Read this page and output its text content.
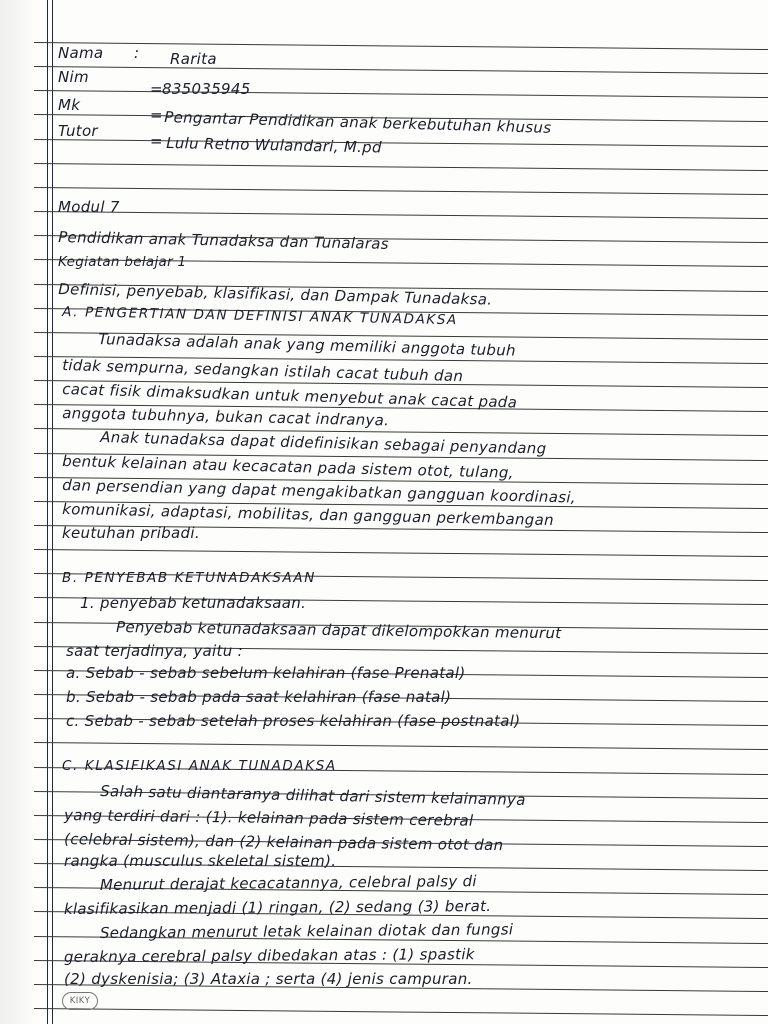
Nama : Rarita
Nim
= 835035945
Mk
= Pengantar Pendidikan anak berkebutuhan khusus
Tutor
= Lulu Retno Wulandari, M.pd
Modul 7
Pendidikan anak Tunadaksa dan Tunalaras
Kegiatan belajar 1
Definisi, penyebab, klasifikasi, dan Dampak Tunadaksa.
A. PENGERTIAN DAN DEFINISI ANAK TUNADAKSA
Tunadaksa adalah anak yang memiliki anggota tubuh
tidak sempurna, sedangkan istilah cacat tubuh dan
cacat fisik dimaksudkan untuk menyebut anak cacat pada
anggota tubuhnya, bukan cacat indranya.
Anak tunadaksa dapat didefinisikan sebagai penyandang
bentuk kelainan atau kecacatan pada sistem otot, tulang,
dan persendian yang dapat mengakibatkan gangguan koordinasi,
komunikasi, adaptasi, mobilitas, dan gangguan perkembangan
keutuhan pribadi.
B. PENYEBAB KETUNADAKSAAN
1. penyebab ketunadaksaan.
Penyebab ketunadaksaan dapat dikelompokkan menurut
saat terjadinya, yaitu :
a. Sebab - sebab sebelum kelahiran (fase Prenatal)
b. Sebab - sebab pada saat kelahiran (fase natal)
c. Sebab - sebab setelah proses kelahiran (fase postnatal)
C. KLASIFIKASI ANAK TUNADAKSA
Salah satu diantaranya dilihat dari sistem kelainannya
yang terdiri dari : (1). kelainan pada sistem cerebral
(celebral sistem), dan (2) kelainan pada sistem otot dan
rangka (musculus skeletal sistem).
Menurut derajat kecacatannya, celebral palsy di
klasifikasikan menjadi (1) ringan, (2) sedang (3) berat.
Sedangkan menurut letak kelainan diotak dan fungsi
geraknya cerebral palsy dibedakan atas : (1) spastik
(2) dyskenisia; (3) Ataxia ; serta (4) jenis campuran.
KIKY
